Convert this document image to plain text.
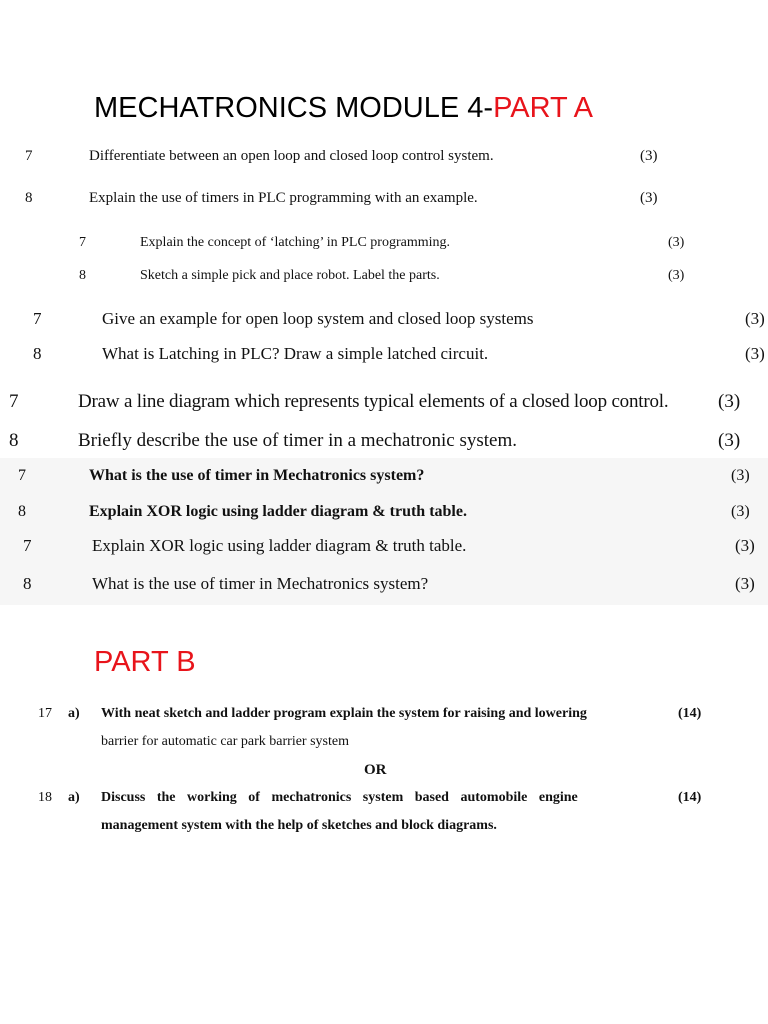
MECHATRONICS MODULE 4-PART A
7	Differentiate between an open loop and closed loop control system.	(3)
8	Explain the use of timers in PLC programming with an example.	(3)
7	Explain the concept of ‘latching’ in PLC programming.	(3)
8	Sketch a simple pick and place robot. Label the parts.	(3)
7	Give an example for open loop system and closed loop systems	(3)
8	What is Latching in PLC? Draw a simple latched circuit.	(3)
7	Draw a line diagram which represents typical elements of a closed loop control.	(3)
8	Briefly describe the use of timer in a mechatronic system.	(3)
7	What is the use of timer in Mechatronics system?	(3)
8	Explain XOR logic using ladder diagram & truth table.	(3)
7	Explain XOR logic using ladder diagram & truth table.	(3)
8	What is the use of timer in Mechatronics system?	(3)
PART B
17 a) With neat sketch and ladder program explain the system for raising and lowering	(14)
barrier for automatic car park barrier system
OR
18 a) Discuss the working of mechatronics system based automobile engine	(14)
management system with the help of sketches and block diagrams.
